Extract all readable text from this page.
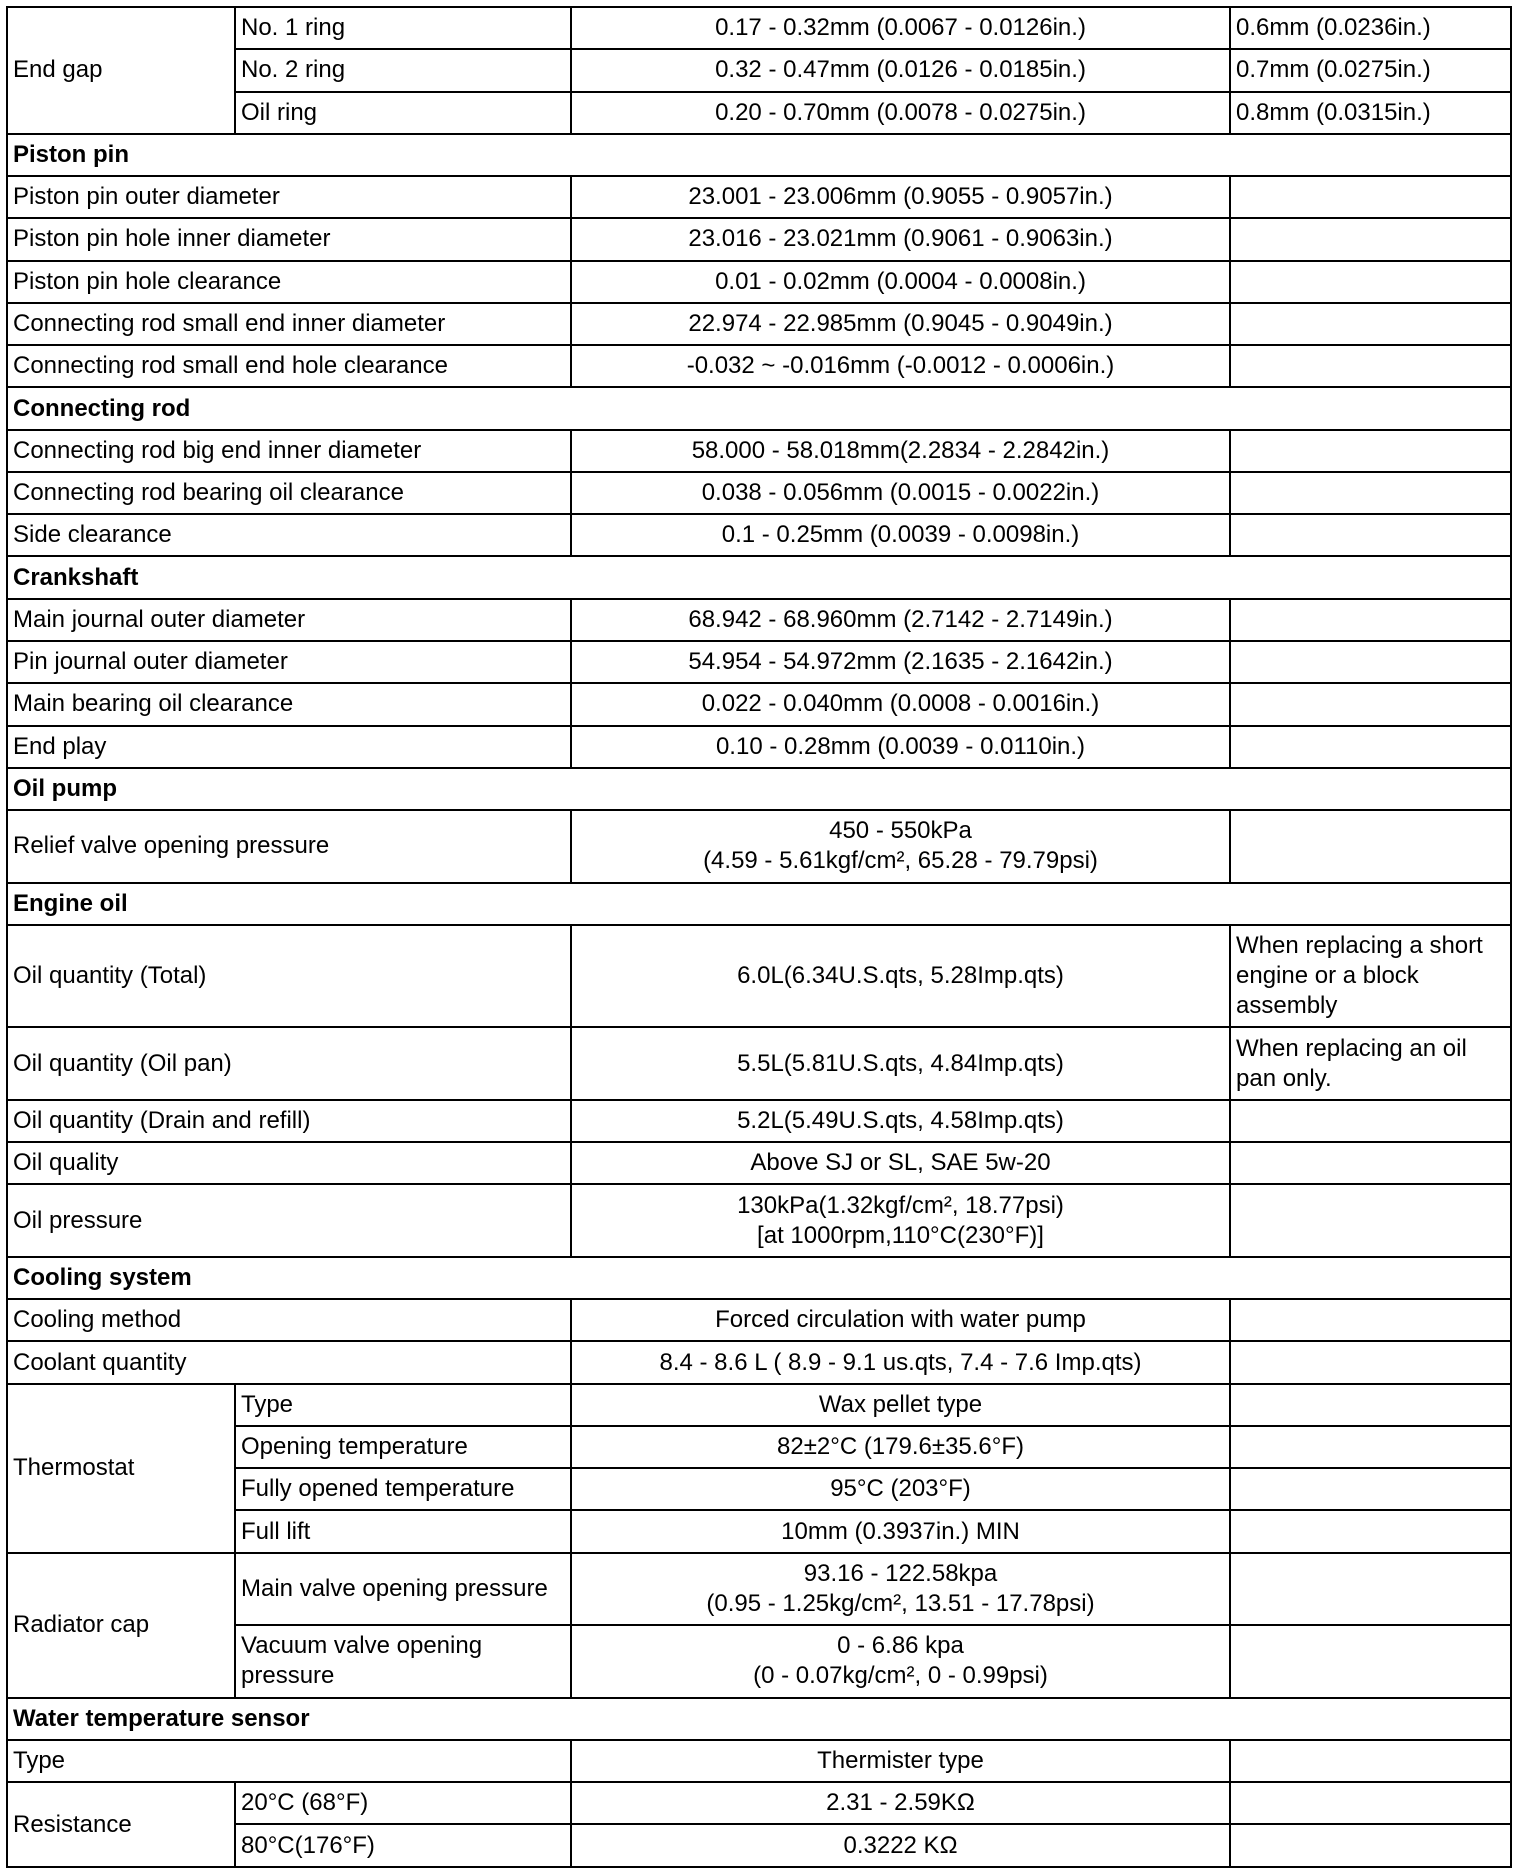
End gap	No. 1 ring	0.17 - 0.32mm (0.0067 - 0.0126in.)	0.6mm (0.0236in.)
	No. 2 ring	0.32 - 0.47mm (0.0126 - 0.0185in.)	0.7mm (0.0275in.)
	Oil ring	0.20 - 0.70mm (0.0078 - 0.0275in.)	0.8mm (0.0315in.)
Piston pin			
Piston pin outer diameter		23.001 - 23.006mm (0.9055 - 0.9057in.)	
Piston pin hole inner diameter		23.016 - 23.021mm (0.9061 - 0.9063in.)	
Piston pin hole clearance		0.01 - 0.02mm (0.0004 - 0.0008in.)	
Connecting rod small end inner diameter		22.974 - 22.985mm (0.9045 - 0.9049in.)	
Connecting rod small end hole clearance		-0.032 ~ -0.016mm (-0.0012 - 0.0006in.)	
Connecting rod			
Connecting rod big end inner diameter		58.000 - 58.018mm(2.2834 - 2.2842in.)	
Connecting rod bearing oil clearance		0.038 - 0.056mm (0.0015 - 0.0022in.)	
Side clearance		0.1 - 0.25mm (0.0039 - 0.0098in.)	
Crankshaft			
Main journal outer diameter		68.942 - 68.960mm (2.7142 - 2.7149in.)	
Pin journal outer diameter		54.954 - 54.972mm (2.1635 - 2.1642in.)	
Main bearing oil clearance		0.022 - 0.040mm (0.0008 - 0.0016in.)	
End play		0.10 - 0.28mm (0.0039 - 0.0110in.)	
Oil pump			
Relief valve opening pressure		450 - 550kPa
(4.59 - 5.61kgf/cm², 65.28 - 79.79psi)	
Engine oil			
Oil quantity (Total)		6.0L(6.34U.S.qts, 5.28Imp.qts)	When replacing a short engine or a block assembly
Oil quantity (Oil pan)		5.5L(5.81U.S.qts, 4.84Imp.qts)	When replacing an oil pan only.
Oil quantity (Drain and refill)		5.2L(5.49U.S.qts, 4.58Imp.qts)	
Oil quality		Above SJ or SL, SAE 5w-20	
Oil pressure		130kPa(1.32kgf/cm², 18.77psi)
[at 1000rpm,110°C(230°F)]	
Cooling system			
Cooling method		Forced circulation with water pump	
Coolant quantity		8.4 - 8.6 L ( 8.9 - 9.1 us.qts, 7.4 - 7.6 Imp.qts)	
Thermostat	Type	Wax pellet type	
	Opening temperature	82±2°C (179.6±35.6°F)	
	Fully opened temperature	95°C (203°F)	
	Full lift	10mm (0.3937in.) MIN	
Radiator cap	Main valve opening pressure	93.16 - 122.58kpa
(0.95 - 1.25kg/cm², 13.51 - 17.78psi)	
	Vacuum valve opening pressure	0 - 6.86 kpa
(0 - 0.07kg/cm², 0 - 0.99psi)	
Water temperature sensor			
Type		Thermister type	
Resistance	20°C (68°F)	2.31 - 2.59KΩ	
	80°C(176°F)	0.3222 KΩ	
